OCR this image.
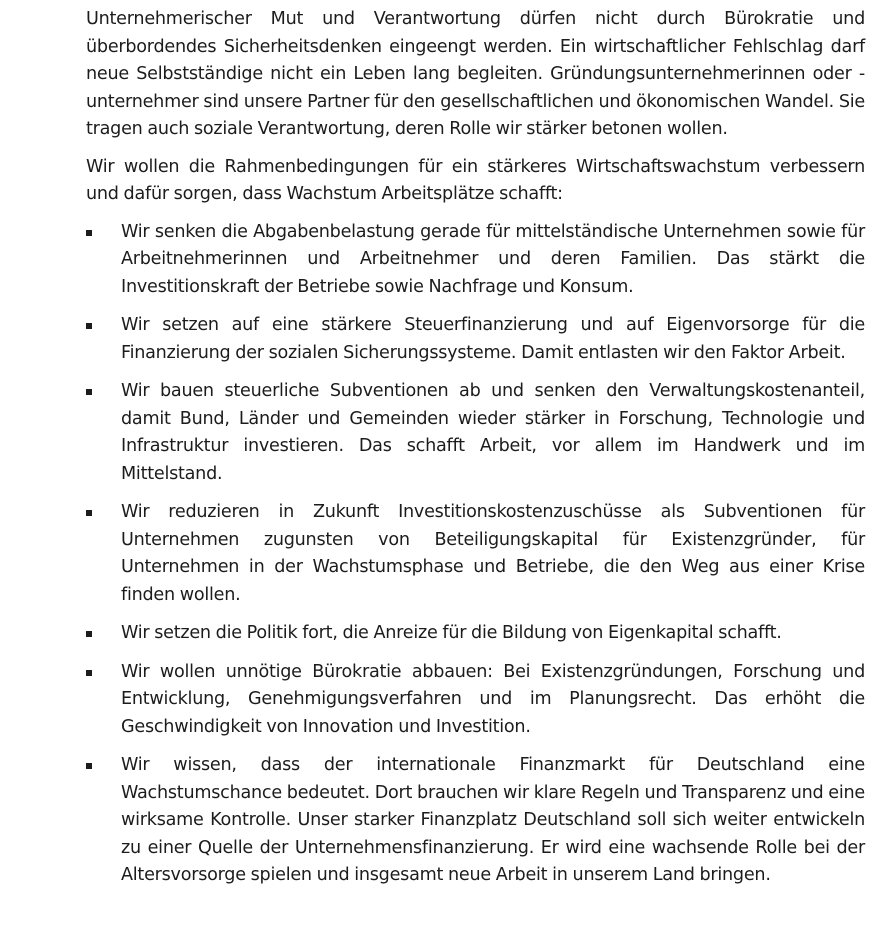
Unternehmerischer Mut und Verantwortung dürfen nicht durch Bürokratie und überbordendes Sicherheitsdenken eingeengt werden. Ein wirtschaftlicher Fehlschlag darf neue Selbstständige nicht ein Leben lang begleiten. Gründungsunternehmerinnen oder -unternehmer sind unsere Partner für den gesellschaftlichen und ökonomischen Wandel. Sie tragen auch soziale Verantwortung, deren Rolle wir stärker betonen wollen.

Wir wollen die Rahmenbedingungen für ein stärkeres Wirtschaftswachstum verbessern und dafür sorgen, dass Wachstum Arbeitsplätze schafft:

Wir senken die Abgabenbelastung gerade für mittelständische Unternehmen sowie für Arbeitnehmerinnen und Arbeitnehmer und deren Familien. Das stärkt die Investitionskraft der Betriebe sowie Nachfrage und Konsum.
Wir setzen auf eine stärkere Steuerfinanzierung und auf Eigenvorsorge für die Finanzierung der sozialen Sicherungssysteme. Damit entlasten wir den Faktor Arbeit.
Wir bauen steuerliche Subventionen ab und senken den Verwaltungskostenanteil, damit Bund, Länder und Gemeinden wieder stärker in Forschung, Technologie und Infrastruktur investieren. Das schafft Arbeit, vor allem im Handwerk und im Mittelstand.
Wir reduzieren in Zukunft Investitionskostenzuschüsse als Subventionen für Unternehmen zugunsten von Beteiligungskapital für Existenzgründer, für Unternehmen in der Wachstumsphase und Betriebe, die den Weg aus einer Krise finden wollen.
Wir setzen die Politik fort, die Anreize für die Bildung von Eigenkapital schafft.
Wir wollen unnötige Bürokratie abbauen: Bei Existenzgründungen, Forschung und Entwicklung, Genehmigungsverfahren und im Planungsrecht. Das erhöht die Geschwindigkeit von Innovation und Investition.
Wir wissen, dass der internationale Finanzmarkt für Deutschland eine Wachstumschance bedeutet. Dort brauchen wir klare Regeln und Transparenz und eine wirksame Kontrolle. Unser starker Finanzplatz Deutschland soll sich weiter entwickeln zu einer Quelle der Unternehmensfinanzierung. Er wird eine wachsende Rolle bei der Altersvorsorge spielen und insgesamt neue Arbeit in unserem Land bringen.
